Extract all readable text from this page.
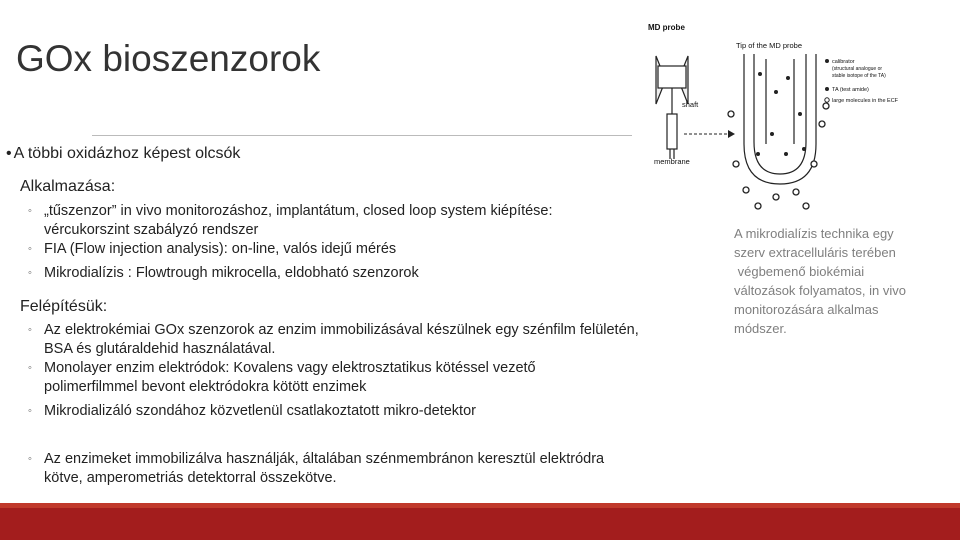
GOx bioszenzorok
• A többi oxidázhoz képest olcsók
Alkalmazása:
◦ „tűszenzor” in vivo monitorozáshoz, implantátum, closed loop system kiépítése:
vércukorszint szabályzó rendszer
◦ FIA (Flow injection analysis): on-line, valós idejű mérés
◦ Mikrodialízis : Flowtrough mikrocella, eldobható szenzorok
Felépítésük:
◦ Az elektrokémiai GOx szenzorok az enzim immobilizásával készülnek egy szénfilm felületén,
BSA és glutáraldehid használatával.
◦ Monolayer enzim elektródok: Kovalens vagy elektrosztatikus kötéssel vezető
polimerfilmmel bevont elektródokra kötött enzimek
◦ Mikrodializáló szondához közvetlenül csatlakoztatott mikro-detektor
◦ Az enzimeket immobilizálva használják, általában szénmembránon keresztül elektródra
kötve, amperometriás detektorral összekötve.
A mikrodialízis technika egy
szerv extracelluláris terében
végbemenő biokémiai
változások folyamatos, in vivo
monitorozására alkalmas
módszer.
MD probe
Tip of the MD probe
shaft
membrane
calibrator
(structural analogue or
stable isotope of the TA)
TA (test amide)
large molecules in the ECF
